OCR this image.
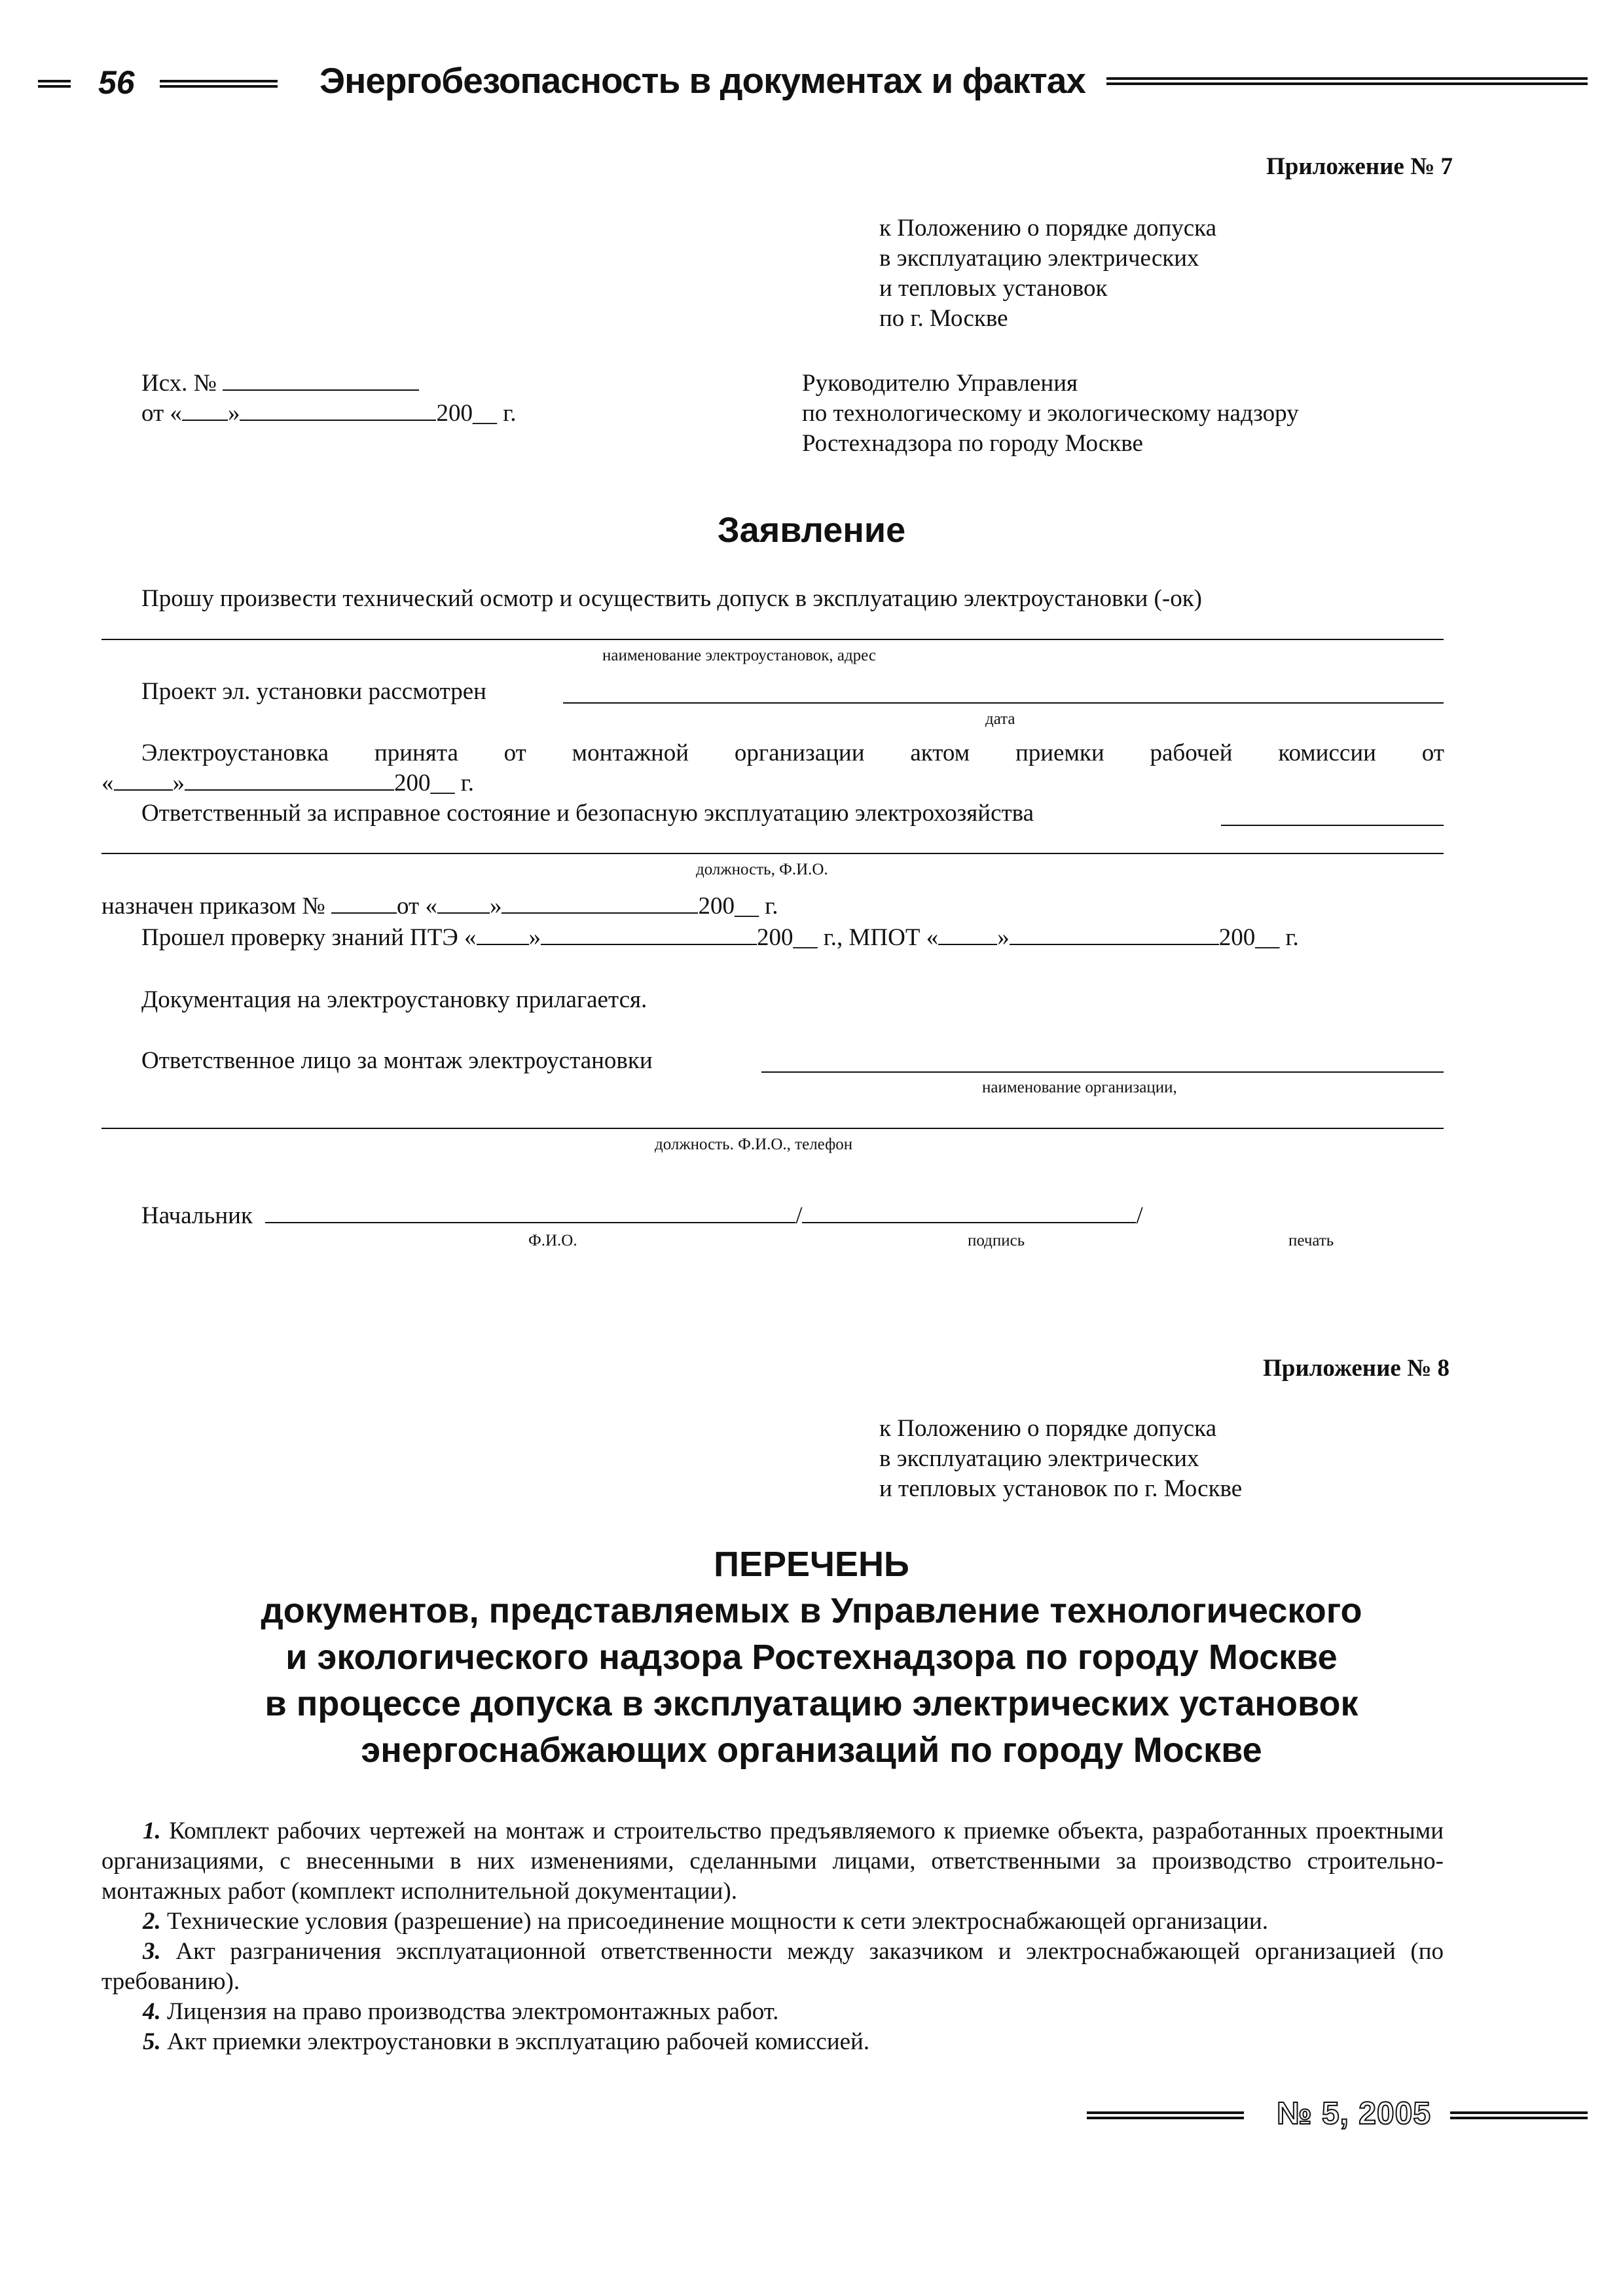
56	Энергобезопасность в документах и фактах
Приложение № 7
к Положению о порядке допуска
в эксплуатацию электрических
и тепловых установок
по г. Москве
Исх. №
от « »	200__ г.
Руководителю Управления
по технологическому и экологическому надзору
Ростехнадзора по городу Москве
Заявление
Прошу произвести технический осмотр и осуществить допуск в эксплуатацию электроустановки (-ок)
наименование электроустановок, адрес
Проект эл. установки рассмотрен
дата
Электроустановка принята от монтажной организации актом приемки рабочей комиссии от
« »	200__ г.
Ответственный за исправное состояние и безопасную эксплуатацию электрохозяйства
должность, Ф.И.О.
назначен приказом №	от « »	200__ г.
Прошел проверку знаний ПТЭ « »	200__ г., МПОТ « »	200__ г.
Документация на электроустановку прилагается.
Ответственное лицо за монтаж электроустановки
наименование организации,
должность. Ф.И.О., телефон
Начальник	/	/
Ф.И.О.	подпись	печать
Приложение № 8
к Положению о порядке допуска
в эксплуатацию электрических
и тепловых установок по г. Москве
ПЕРЕЧЕНЬ
документов, представляемых в Управление технологического
и экологического надзора Ростехнадзора по городу Москве
в процессе допуска в эксплуатацию электрических установок
энергоснабжающих организаций по городу Москве
1. Комплект рабочих чертежей на монтаж и строительство предъявляемого к приемке объекта, разработанных проектными организациями, с внесенными в них изменениями, сделанными лицами, ответственными за производство строительно-монтажных работ (комплект исполнительной документации).
2. Технические условия (разрешение) на присоединение мощности к сети электроснабжающей организации.
3. Акт разграничения эксплуатационной ответственности между заказчиком и электроснабжающей организацией (по требованию).
4. Лицензия на право производства электромонтажных работ.
5. Акт приемки электроустановки в эксплуатацию рабочей комиссией.
№ 5, 2005
